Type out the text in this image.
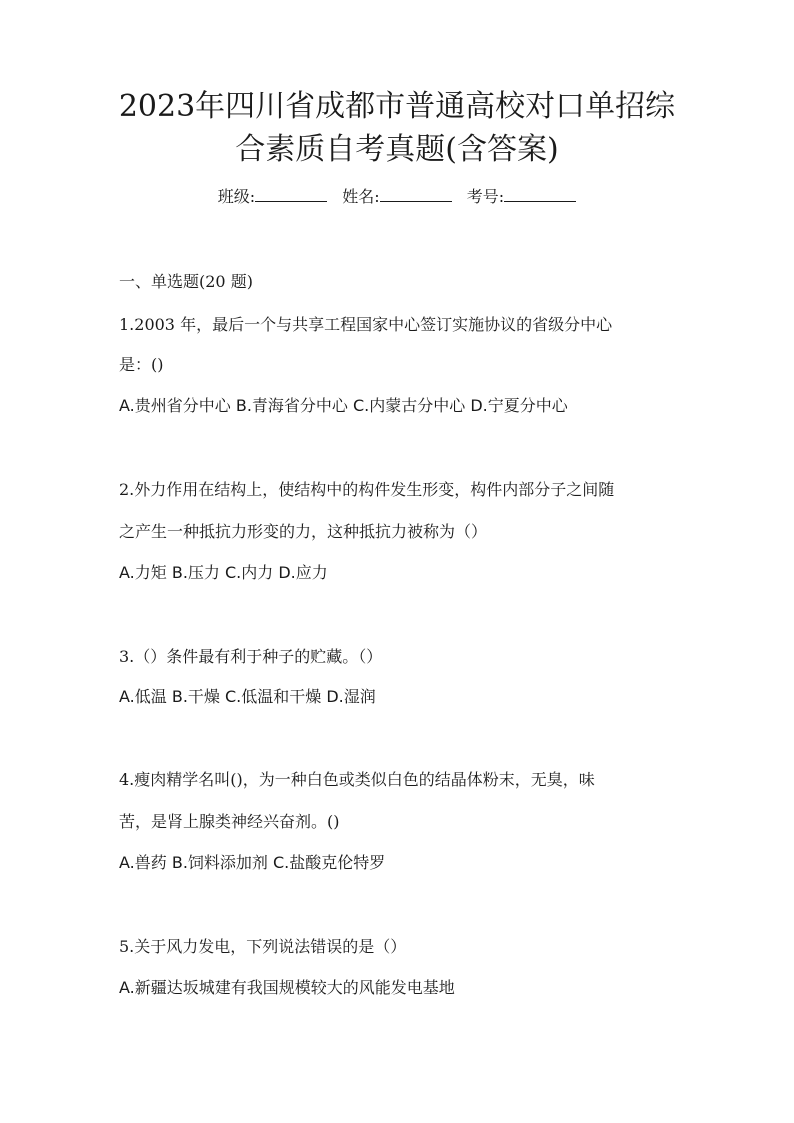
2023年四川省成都市普通高校对口单招综
合素质自考真题(含答案)
班级:	姓名:	考号:
一、单选题(20 题)
1.2003 年，最后一个与共享工程国家中心签订实施协议的省级分中心
是：()
A.贵州省分中心 B.青海省分中心 C.内蒙古分中心 D.宁夏分中心
2.外力作用在结构上，使结构中的构件发生形变，构件内部分子之间随
之产生一种抵抗力形变的力，这种抵抗力被称为（）
A.力矩 B.压力 C.内力 D.应力
3.（）条件最有利于种子的贮藏。（）
A.低温 B.干燥 C.低温和干燥 D.湿润
4.瘦肉精学名叫()，为一种白色或类似白色的结晶体粉末，无臭，味
苦，是肾上腺类神经兴奋剂。()
A.兽药 B.饲料添加剂 C.盐酸克伦特罗
5.关于风力发电，下列说法错误的是（）
A.新疆达坂城建有我国规模较大的风能发电基地
